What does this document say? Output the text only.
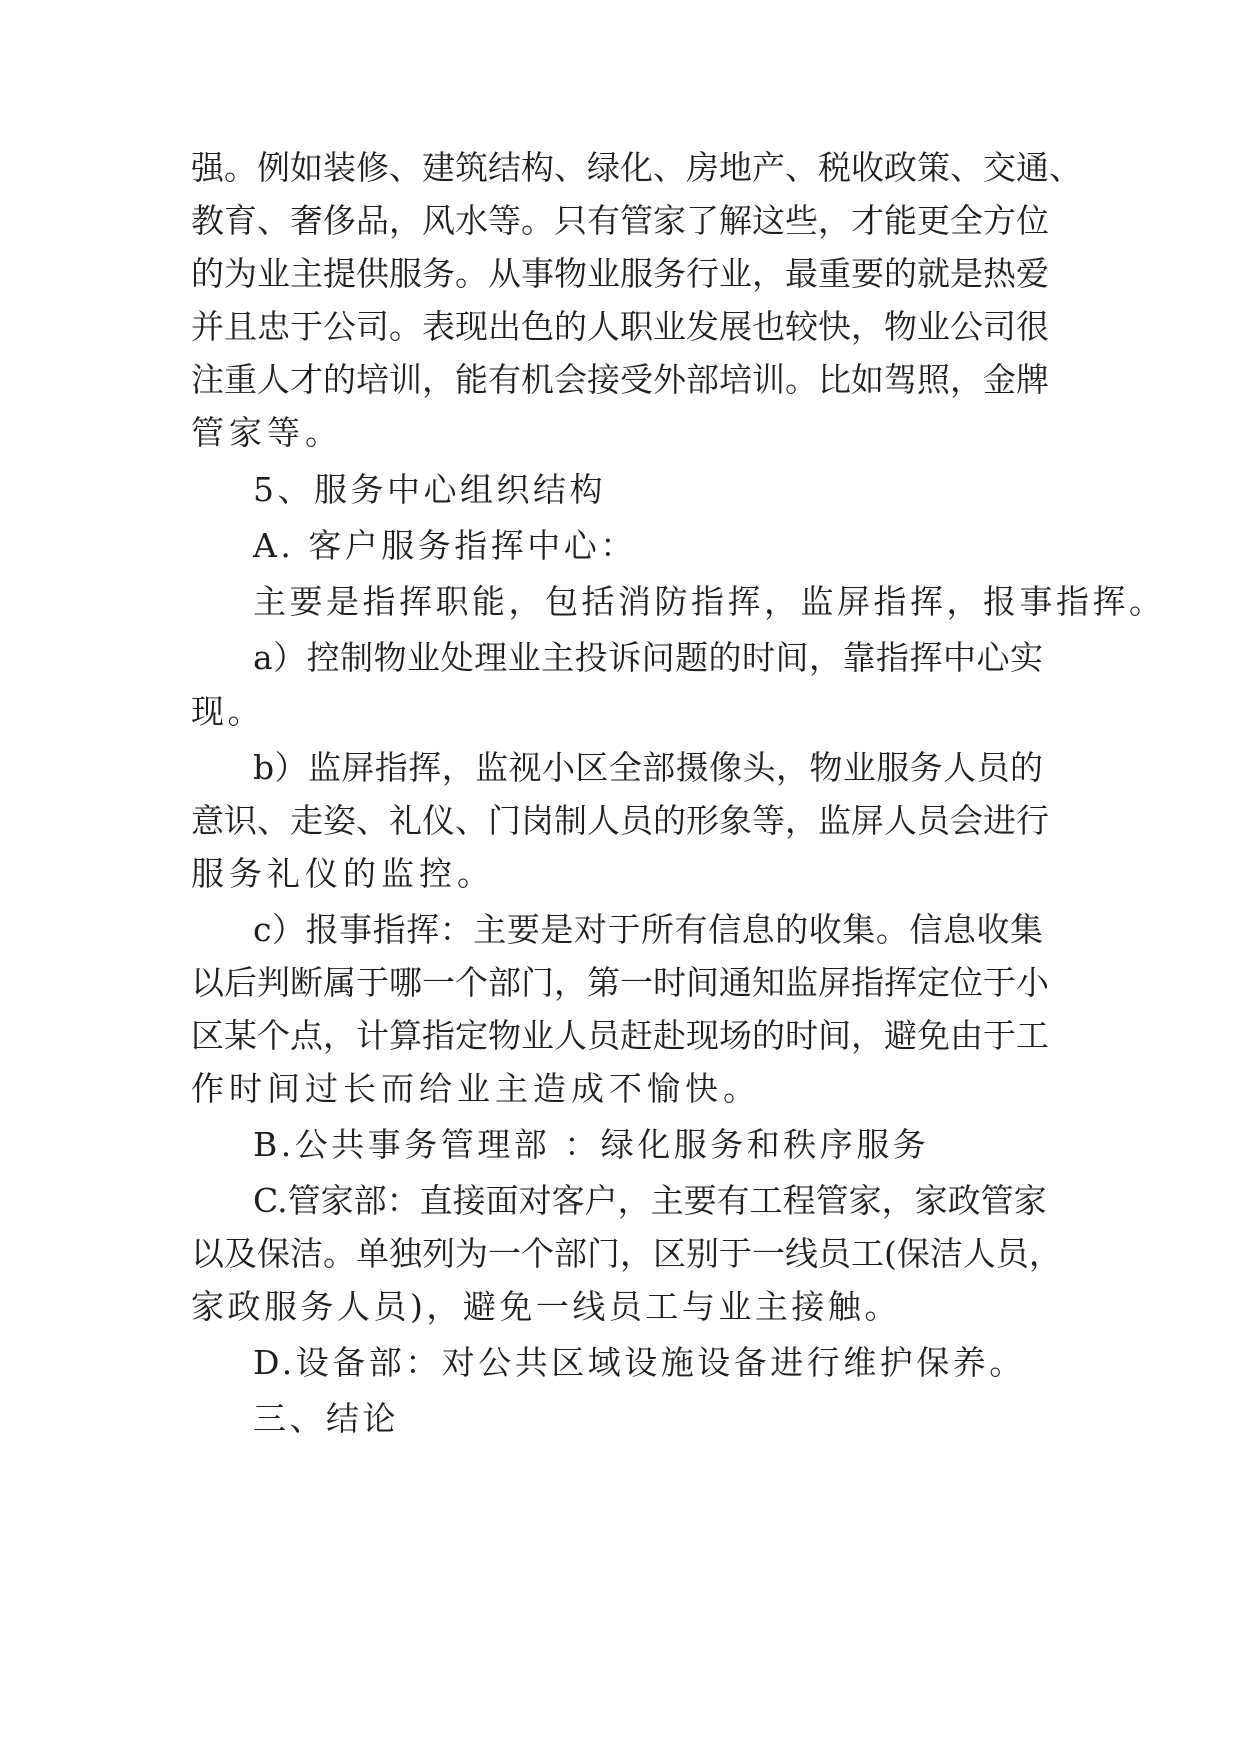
强。例如装修、建筑结构、绿化、房地产、税收政策、交通、

教育、奢侈品，风水等。只有管家了解这些，才能更全方位

的为业主提供服务。从事物业服务行业，最重要的就是热爱

并且忠于公司。表现出色的人职业发展也较快，物业公司很

注重人才的培训，能有机会接受外部培训。比如驾照，金牌

管家等。

5、服务中心组织结构

A. 客户服务指挥中心：

主要是指挥职能，包括消防指挥，监屏指挥，报事指挥。

a）控制物业处理业主投诉问题的时间，靠指挥中心实

现。

b）监屏指挥，监视小区全部摄像头，物业服务人员的

意识、走姿、礼仪、门岗制人员的形象等，监屏人员会进行

服务礼仪的监控。

c）报事指挥：主要是对于所有信息的收集。信息收集

以后判断属于哪一个部门，第一时间通知监屏指挥定位于小

区某个点，计算指定物业人员赶赴现场的时间，避免由于工

作时间过长而给业主造成不愉快。

B.公共事务管理部 ：绿化服务和秩序服务

C.管家部：直接面对客户，主要有工程管家，家政管家

以及保洁。单独列为一个部门，区别于一线员工(保洁人员，

家政服务人员)，避免一线员工与业主接触。

D.设备部：对公共区域设施设备进行维护保养。

三、结论
